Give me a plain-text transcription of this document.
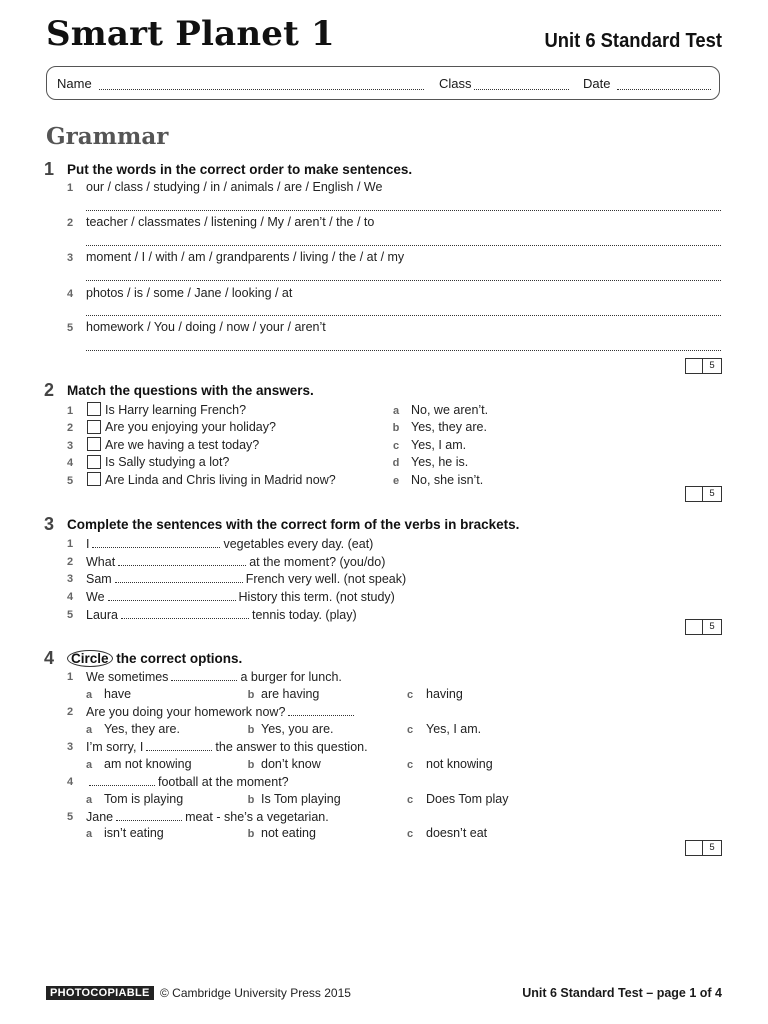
Smart Planet 1	Unit 6 Standard Test
Name	Class	Date
Grammar
1 Put the words in the correct order to make sentences.
1 our / class / studying / in / animals / are / English / We
2 teacher / classmates / listening / My / aren’t / the / to
3 moment / I / with / am / grandparents / living / the / at / my
4 photos / is / some / Jane / looking / at
5 homework / You / doing / now / your / aren’t
5
2 Match the questions with the answers.
1	Is Harry learning French?	a No, we aren’t.
2	Are you enjoying your holiday?	b Yes, they are.
3	Are we having a test today?	c Yes, I am.
4	Is Sally studying a lot?	d Yes, he is.
5	Are Linda and Chris living in Madrid now?	e No, she isn’t.
5
3 Complete the sentences with the correct form of the verbs in brackets.
1 I	vegetables every day. (eat)
2 What	at the moment? (you/do)
3 Sam	French very well. (not speak)
4 We	History this term. (not study)
5 Laura	tennis today. (play)
5
4 Circle the correct options.
1 We sometimes	a burger for lunch.
a have	b are having	c having
2 Are you doing your homework now?
a Yes, they are.	b Yes, you are.	c Yes, I am.
3 I’m sorry, I	the answer to this question.
a am not knowing	b don’t know	c not knowing
4	football at the moment?
a Tom is playing	b Is Tom playing	c Does Tom play
5 Jane	meat - she’s a vegetarian.
a isn’t eating	b not eating	c doesn’t eat
5
PHOTOCOPIABLE © Cambridge University Press 2015	Unit 6 Standard Test – page 1 of 4
